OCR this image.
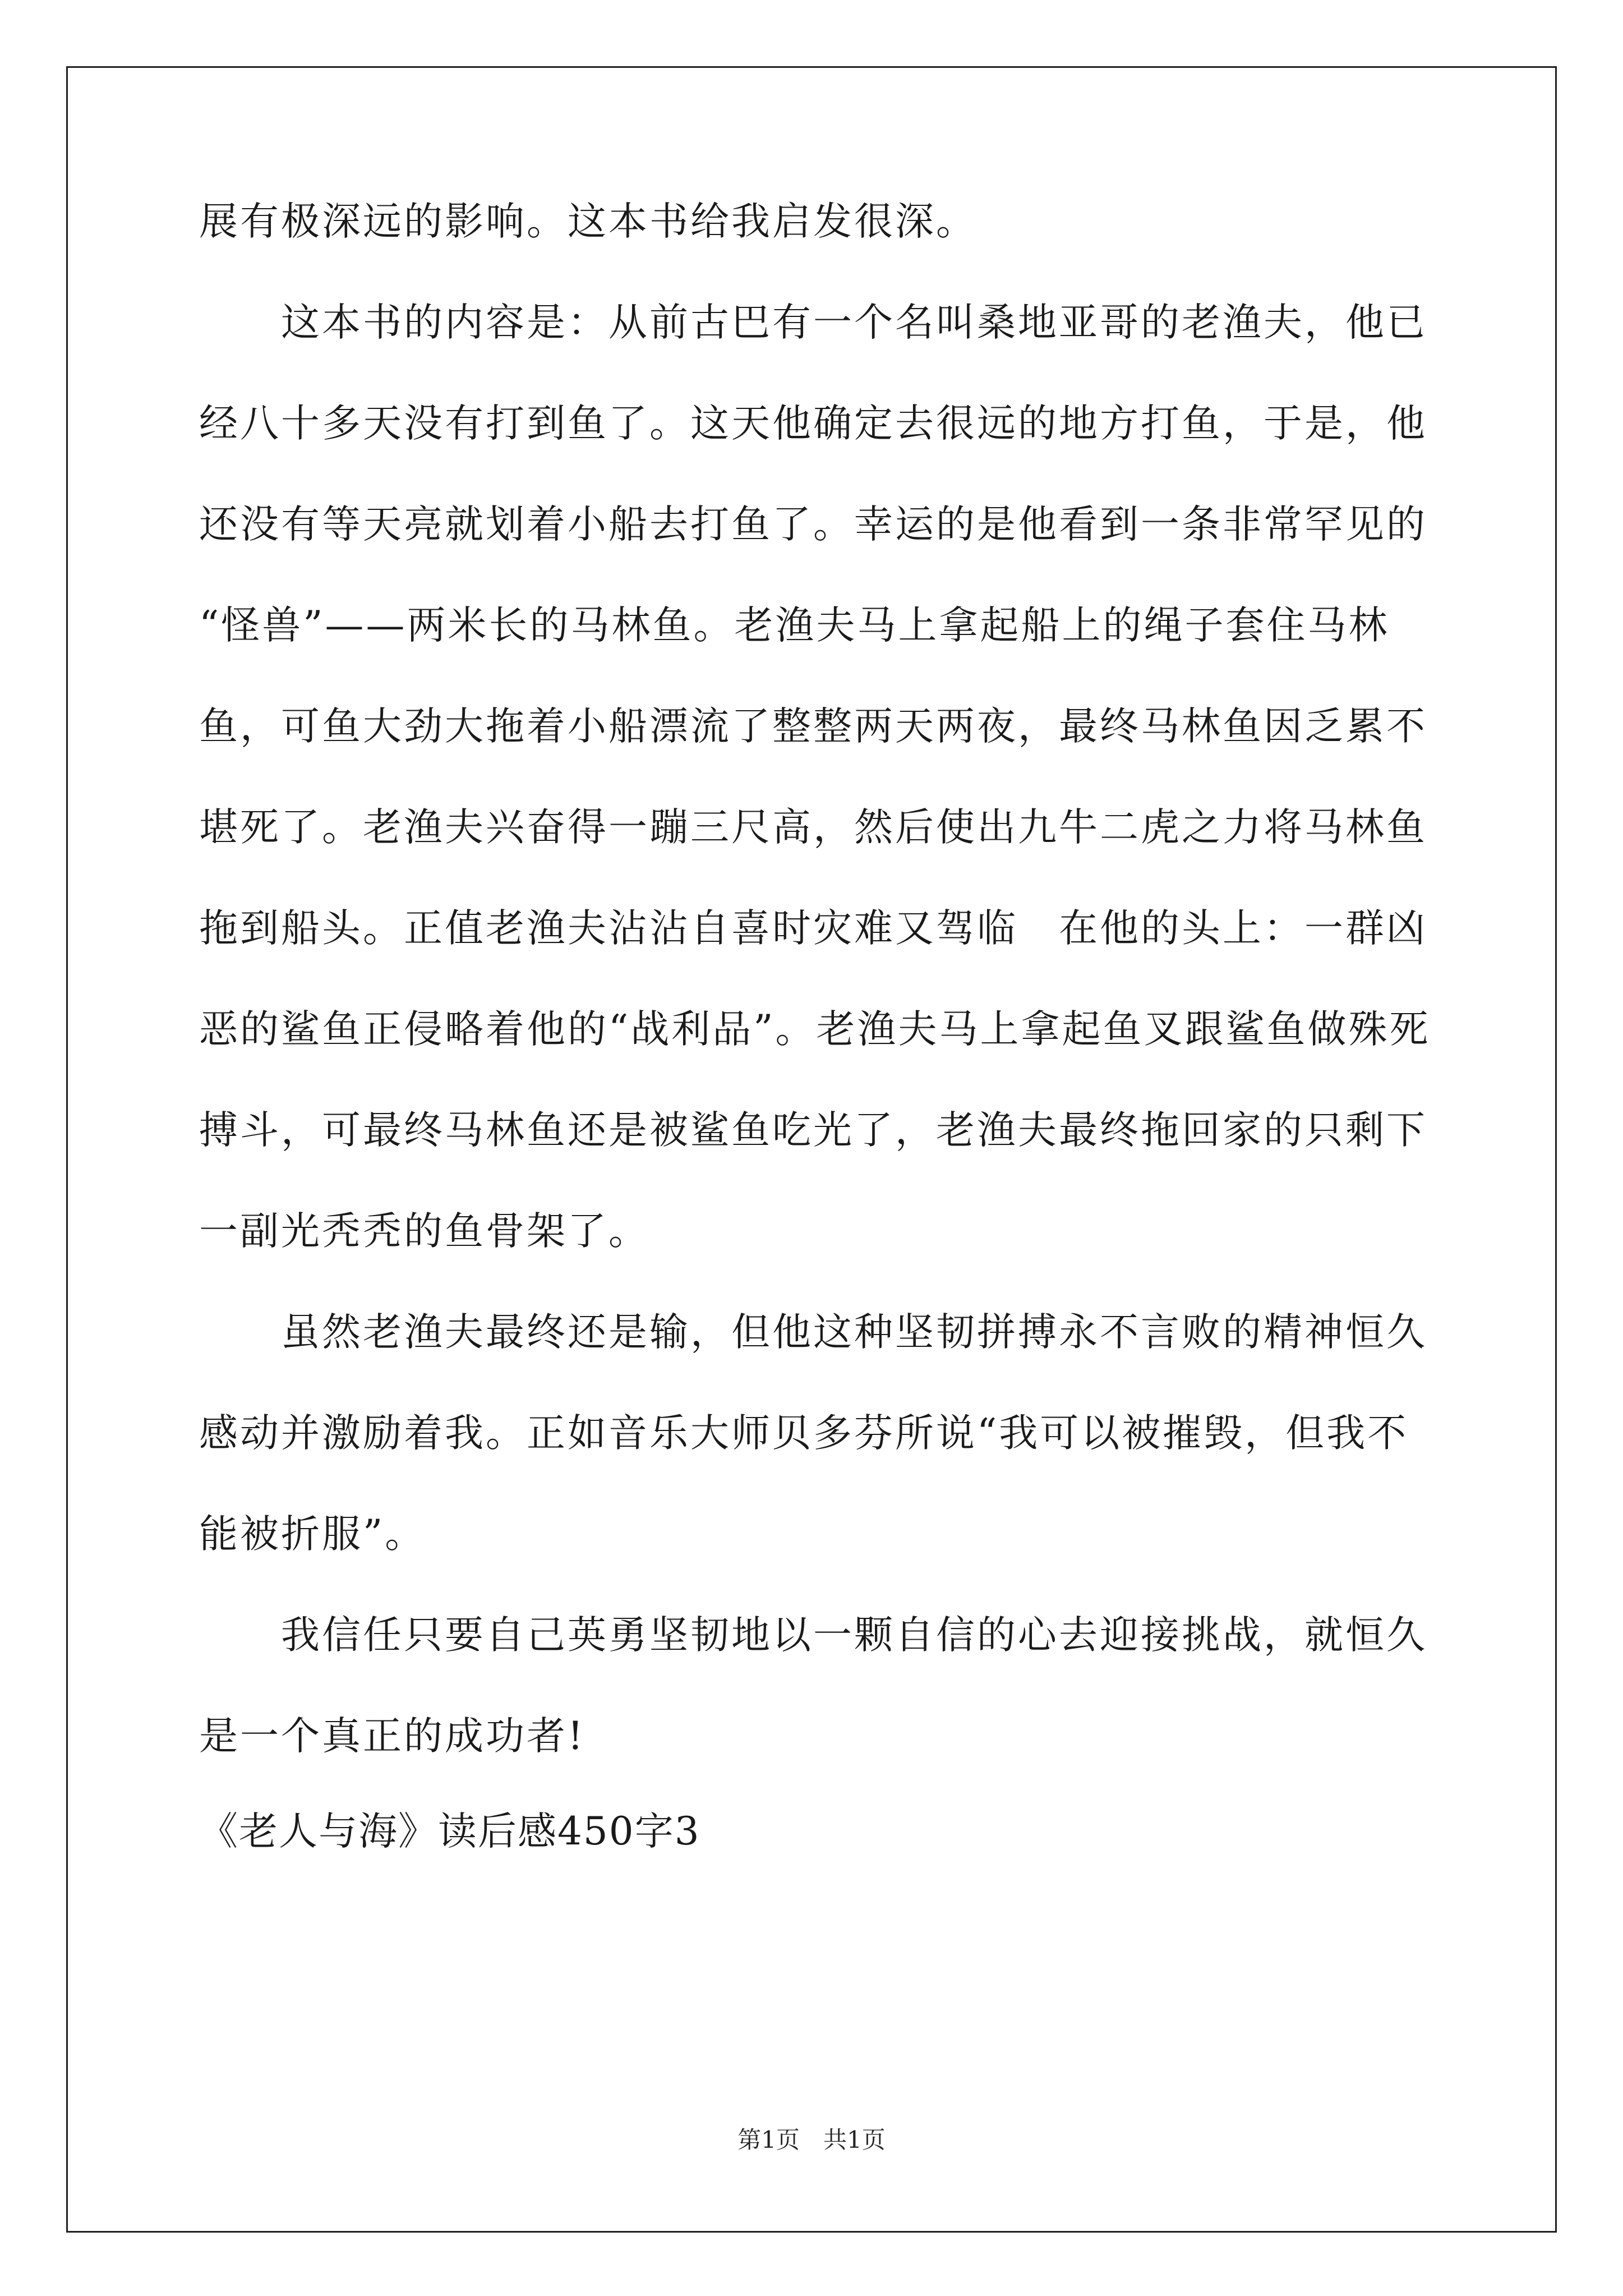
展有极深远的影响。这本书给我启发很深。
这本书的内容是：从前古巴有一个名叫桑地亚哥的老渔夫，他已
经八十多天没有打到鱼了。这天他确定去很远的地方打鱼，于是，他
还没有等天亮就划着小船去打鱼了。幸运的是他看到一条非常罕见的
“怪兽”——两米长的马林鱼。老渔夫马上拿起船上的绳子套住马林
鱼，可鱼大劲大拖着小船漂流了整整两天两夜，最终马林鱼因乏累不
堪死了。老渔夫兴奋得一蹦三尺高，然后使出九牛二虎之力将马林鱼
拖到船头。正值老渔夫沾沾自喜时灾难又驾临　在他的头上：一群凶
恶的鲨鱼正侵略着他的“战利品”。老渔夫马上拿起鱼叉跟鲨鱼做殊死
搏斗，可最终马林鱼还是被鲨鱼吃光了，老渔夫最终拖回家的只剩下
一副光秃秃的鱼骨架了。
虽然老渔夫最终还是输，但他这种坚韧拼搏永不言败的精神恒久
感动并激励着我。正如音乐大师贝多芬所说“我可以被摧毁，但我不
能被折服”。
我信任只要自己英勇坚韧地以一颗自信的心去迎接挑战，就恒久
是一个真正的成功者!
《老人与海》读后感450字3
第1页　共1页
